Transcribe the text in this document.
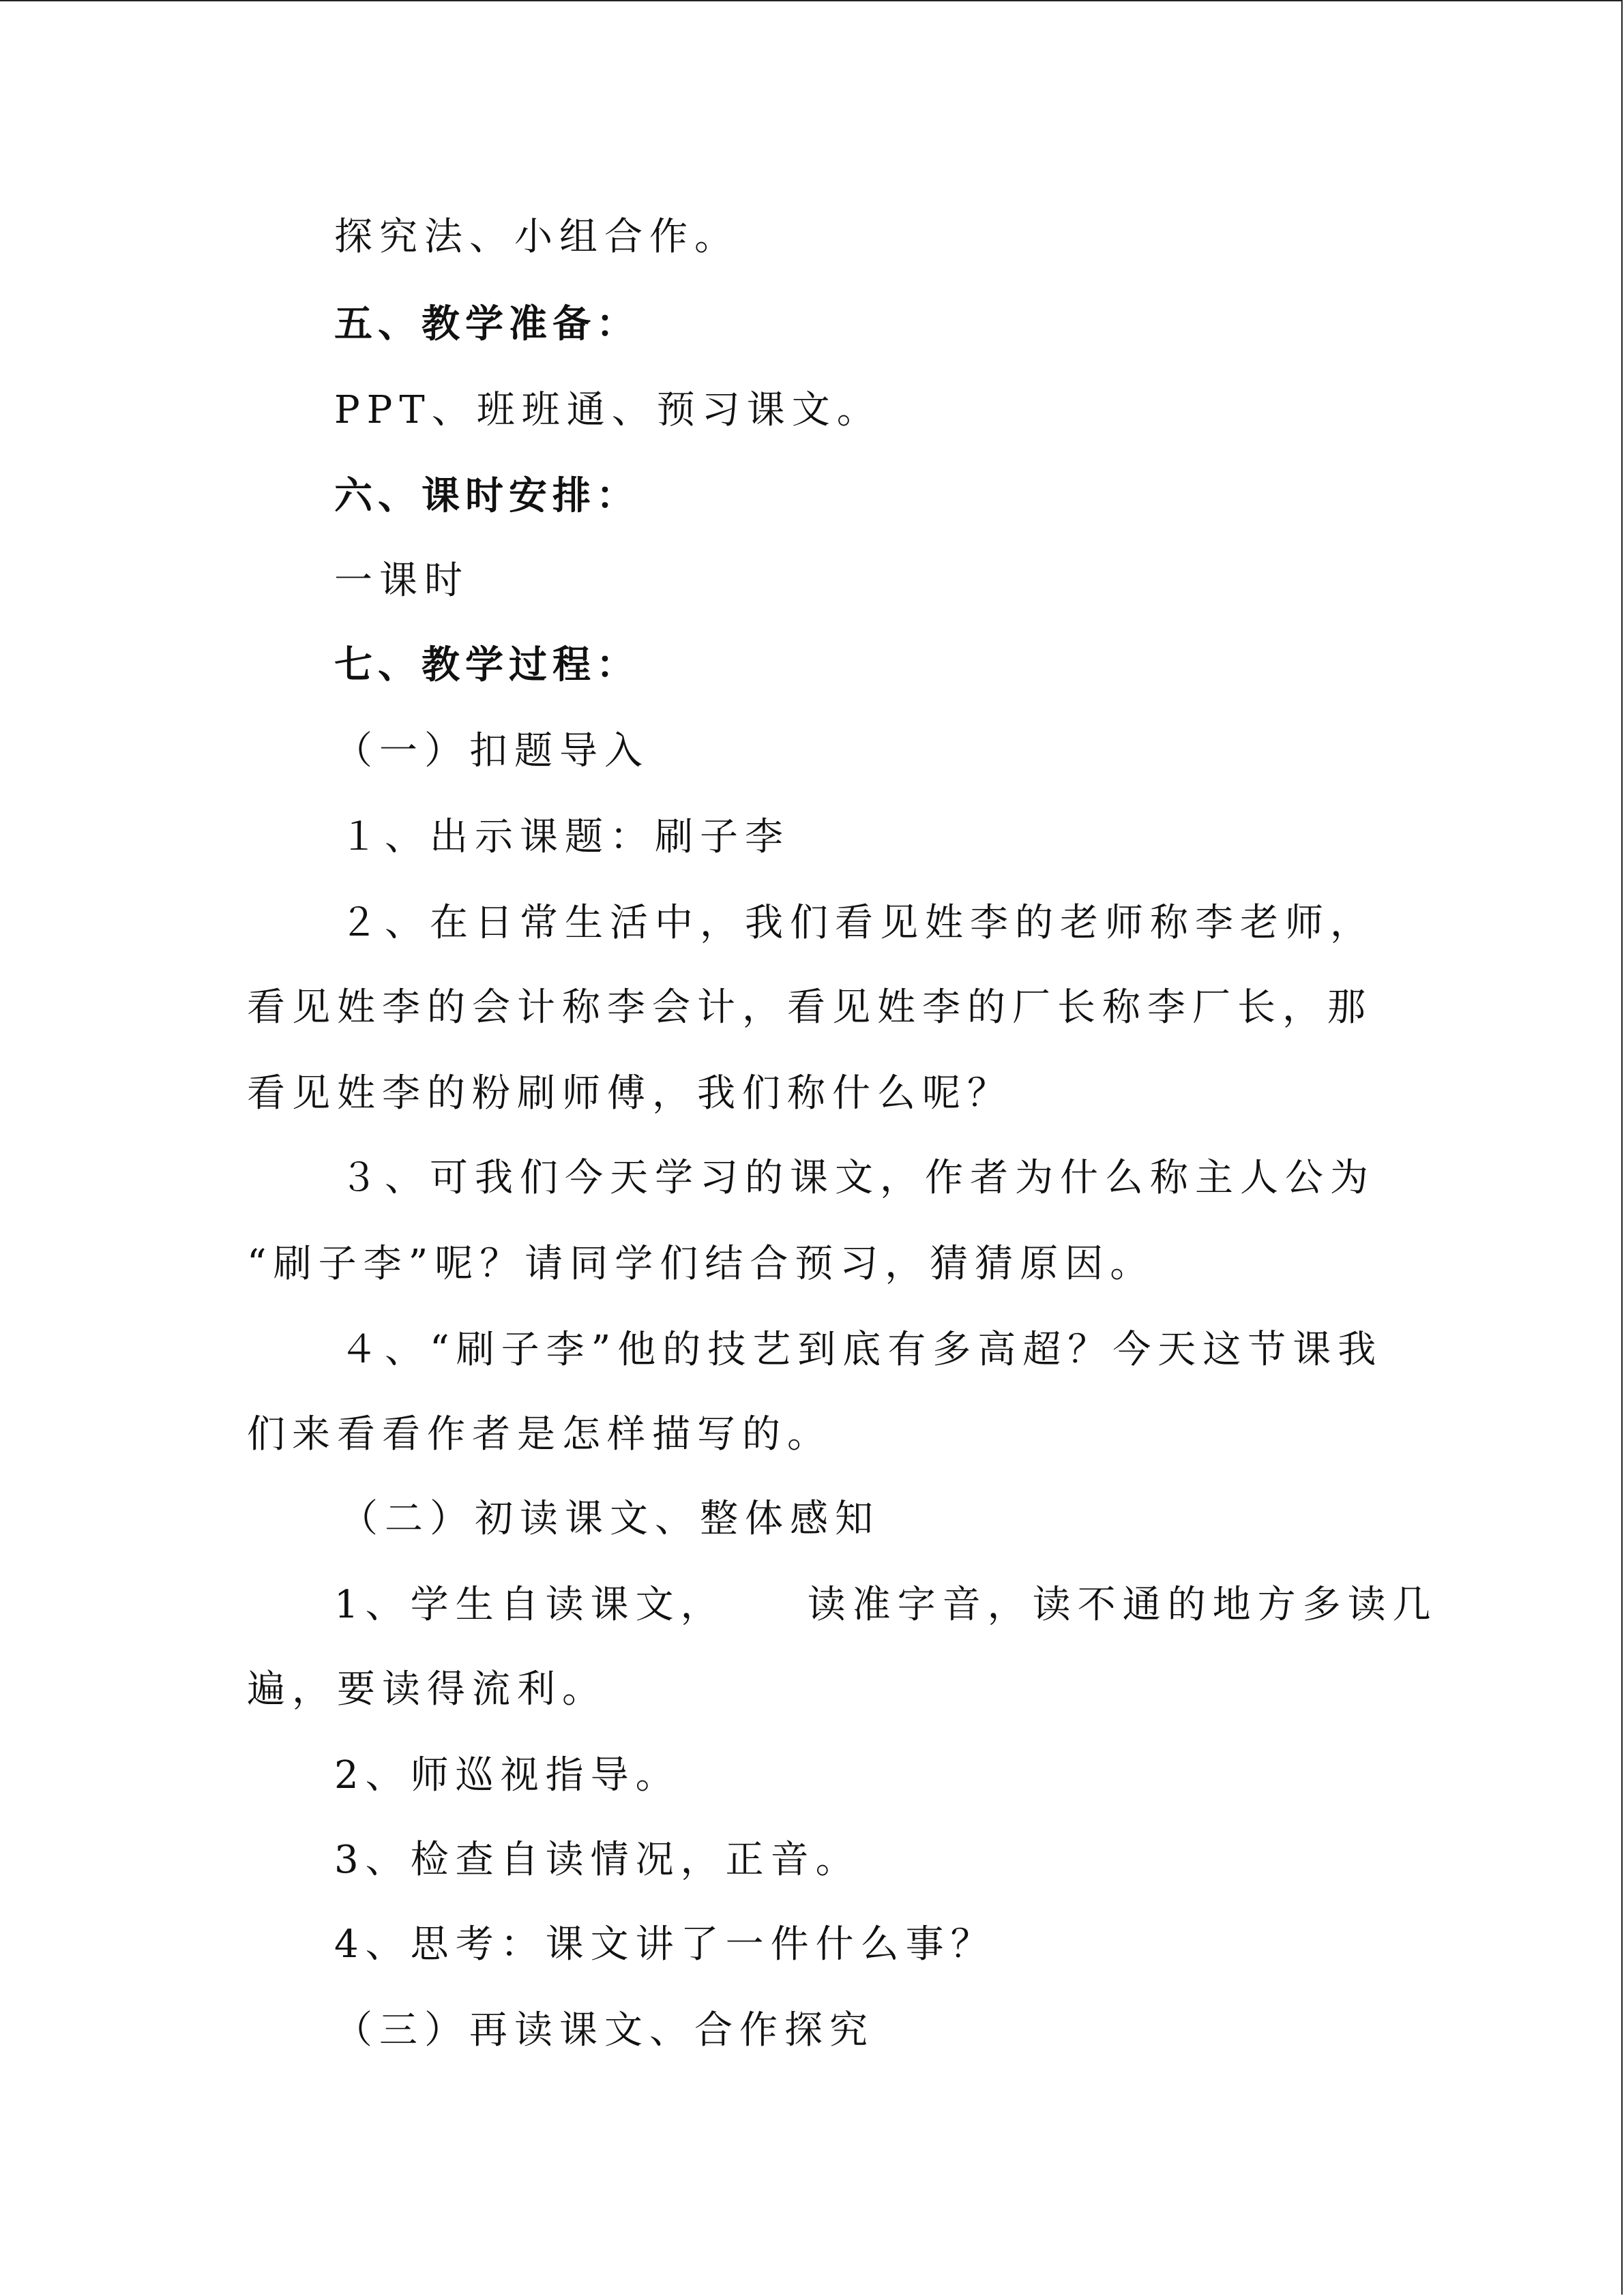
探究法、小组合作。
五、教学准备：
PPT、班班通、预习课文。
六、课时安排：
一课时
七、教学过程：
（一）扣题导入
１、出示课题：刷子李
２、在日常生活中，我们看见姓李的老师称李老师，
看见姓李的会计称李会计，看见姓李的厂长称李厂长，那
看见姓李的粉刷师傅，我们称什么呢？
３、可我们今天学习的课文，作者为什么称主人公为
“刷子李”呢？请同学们结合预习，猜猜原因。
４、“刷子李”他的技艺到底有多高超？今天这节课我
们来看看作者是怎样描写的。
（二）初读课文、整体感知
1、学生自读课文， 读准字音，读不通的地方多读几
遍，要读得流利。
2、师巡视指导。
3、检查自读情况，正音。
4、思考：课文讲了一件什么事？
（三）再读课文、合作探究
